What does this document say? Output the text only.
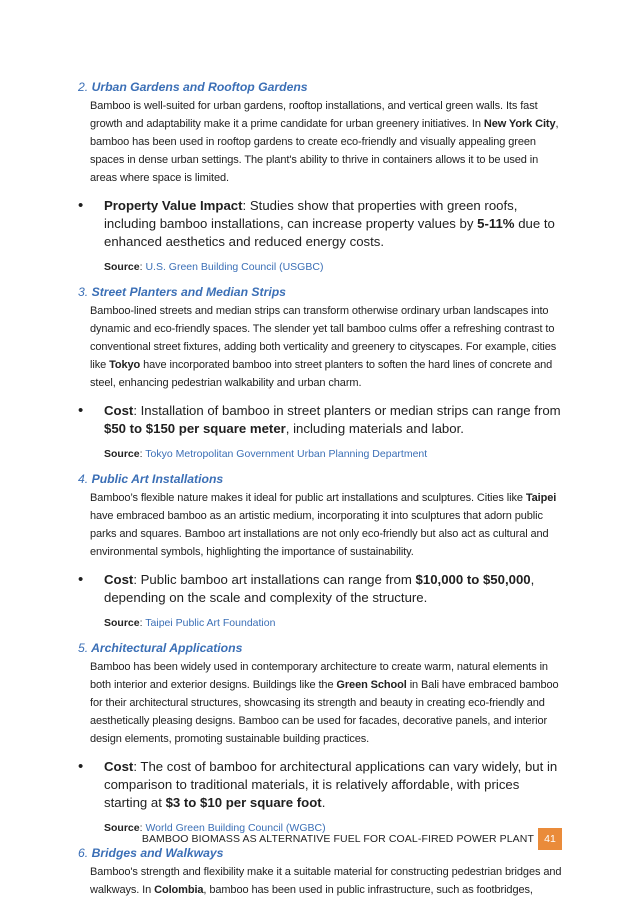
2. Urban Gardens and Rooftop Gardens
Bamboo is well-suited for urban gardens, rooftop installations, and vertical green walls. Its fast growth and adaptability make it a prime candidate for urban greenery initiatives. In New York City, bamboo has been used in rooftop gardens to create eco-friendly and visually appealing green spaces in dense urban settings. The plant's ability to thrive in containers allows it to be used in areas where space is limited.
• Property Value Impact: Studies show that properties with green roofs, including bamboo installations, can increase property values by 5-11% due to enhanced aesthetics and reduced energy costs.
Source: U.S. Green Building Council (USGBC)
3. Street Planters and Median Strips
Bamboo-lined streets and median strips can transform otherwise ordinary urban landscapes into dynamic and eco-friendly spaces. The slender yet tall bamboo culms offer a refreshing contrast to conventional street fixtures, adding both verticality and greenery to cityscapes. For example, cities like Tokyo have incorporated bamboo into street planters to soften the hard lines of concrete and steel, enhancing pedestrian walkability and urban charm.
• Cost: Installation of bamboo in street planters or median strips can range from $50 to $150 per square meter, including materials and labor.
Source: Tokyo Metropolitan Government Urban Planning Department
4. Public Art Installations
Bamboo’s flexible nature makes it ideal for public art installations and sculptures. Cities like Taipei have embraced bamboo as an artistic medium, incorporating it into sculptures that adorn public parks and squares. Bamboo art installations are not only eco-friendly but also act as cultural and environmental symbols, highlighting the importance of sustainability.
• Cost: Public bamboo art installations can range from $10,000 to $50,000, depending on the scale and complexity of the structure.
Source: Taipei Public Art Foundation
5. Architectural Applications
Bamboo has been widely used in contemporary architecture to create warm, natural elements in both interior and exterior designs. Buildings like the Green School in Bali have embraced bamboo for their architectural structures, showcasing its strength and beauty in creating eco-friendly and aesthetically pleasing designs. Bamboo can be used for facades, decorative panels, and interior design elements, promoting sustainable building practices.
• Cost: The cost of bamboo for architectural applications can vary widely, but in comparison to traditional materials, it is relatively affordable, with prices starting at $3 to $10 per square foot.
Source: World Green Building Council (WGBC)
6. Bridges and Walkways
Bamboo's strength and flexibility make it a suitable material for constructing pedestrian bridges and walkways. In Colombia, bamboo has been used in public infrastructure, such as footbridges,
BAMBOO BIOMASS AS ALTERNATIVE FUEL FOR COAL-FIRED POWER PLANT 41
